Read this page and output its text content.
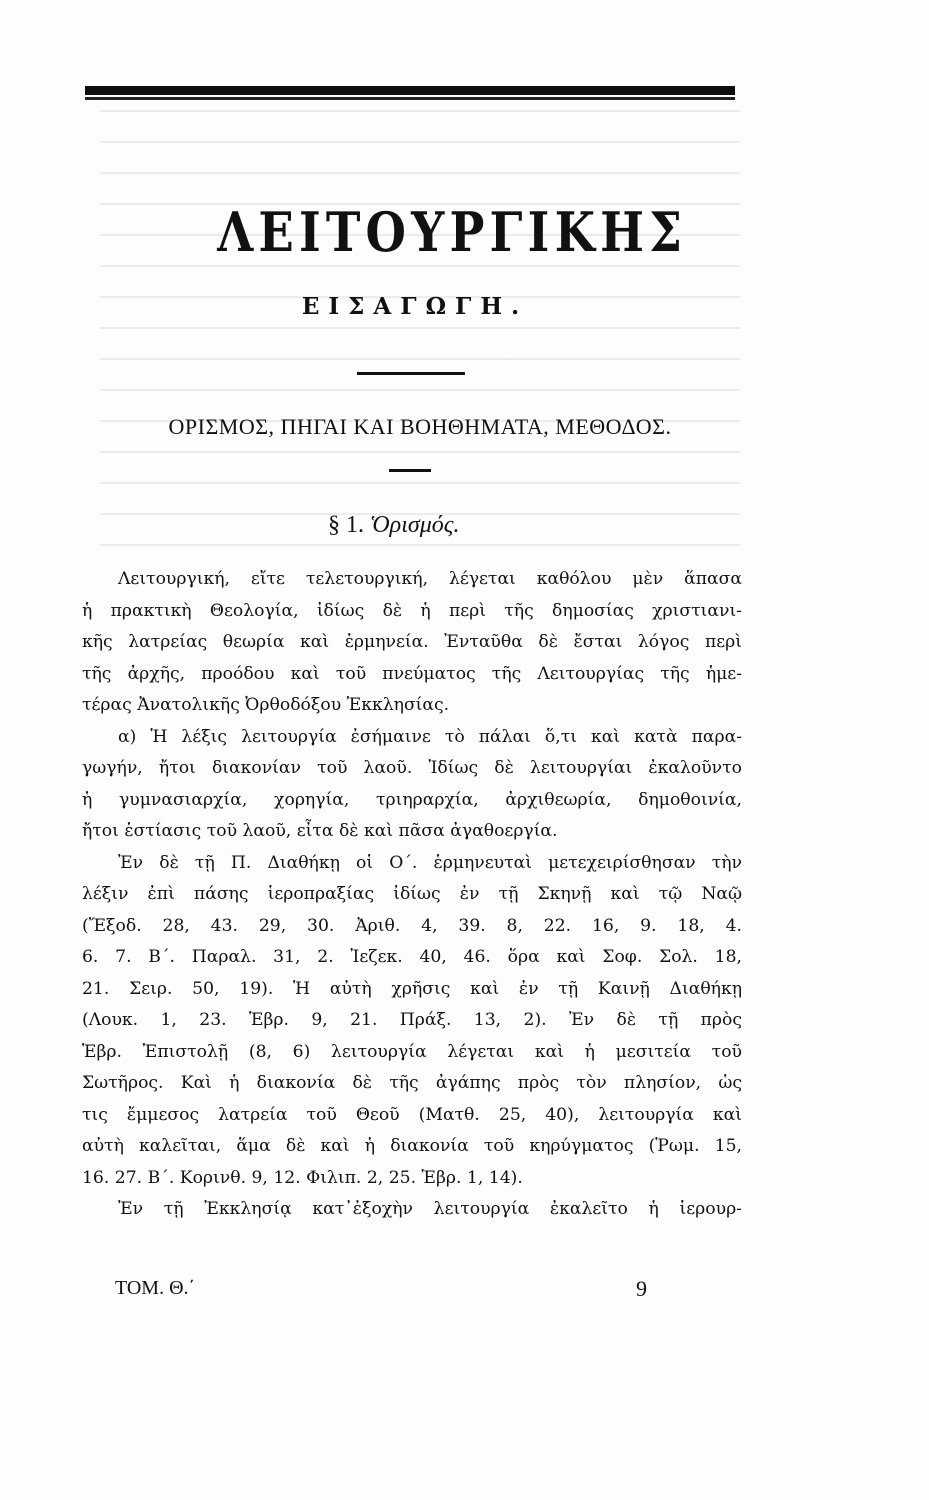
ΛΕΙΤΟΥΡΓΙΚΗΣ
ΕΙΣΑΓΩΓΗ.
ΟΡΙΣΜΟΣ, ΠΗΓΑΙ ΚΑΙ ΒΟΗΘΗΜΑΤΑ, ΜΕΘΟΔΟΣ.
§ 1. Ὁρισμός.
Λειτουργική, εἴτε τελετουργική, λέγεται καθόλου μὲν ἅπασα
ἡ πρακτικὴ Θεολογία, ἰδίως δὲ ἡ περὶ τῆς δημοσίας χριστιανι-
κῆς λατρείας θεωρία καὶ ἑρμηνεία. Ἐνταῦθα δὲ ἔσται λόγος περὶ
τῆς ἀρχῆς, προόδου καὶ τοῦ πνεύματος τῆς Λειτουργίας τῆς ἡμε-
τέρας Ἀνατολικῆς Ὀρθοδόξου Ἐκκλησίας.
α) Ἡ λέξις λειτουργία ἐσήμαινε τὸ πάλαι ὅ,τι καὶ κατὰ παρα-
γωγήν, ἤτοι διακονίαν τοῦ λαοῦ. Ἰδίως δὲ λειτουργίαι ἐκαλοῦντο
ἡ γυμνασιαρχία, χορηγία, τριηραρχία, ἀρχιθεωρία, δημοθοινία,
ἤτοι ἑστίασις τοῦ λαοῦ, εἶτα δὲ καὶ πᾶσα ἀγαθοεργία.
Ἐν δὲ τῇ Π. Διαθήκῃ οἱ Ο΄. ἑρμηνευταὶ μετεχειρίσθησαν τὴν
λέξιν ἐπὶ πάσης ἱεροπραξίας ἰδίως ἐν τῇ Σκηνῇ καὶ τῷ Ναῷ
(Ἔξοδ. 28, 43. 29, 30. Ἀριθ. 4, 39. 8, 22. 16, 9. 18, 4.
6. 7. Β΄. Παραλ. 31, 2. Ἰεζεκ. 40, 46. ὅρα καὶ Σοφ. Σολ. 18,
21. Σειρ. 50, 19). Ἡ αὐτὴ χρῆσις καὶ ἐν τῇ Καινῇ Διαθήκῃ
(Λουκ. 1, 23. Ἑβρ. 9, 21. Πράξ. 13, 2). Ἐν δὲ τῇ πρὸς
Ἑβρ. Ἐπιστολῇ (8, 6) λειτουργία λέγεται καὶ ἡ μεσιτεία τοῦ
Σωτῆρος. Καὶ ἡ διακονία δὲ τῆς ἀγάπης πρὸς τὸν πλησίον, ὡς
τις ἔμμεσος λατρεία τοῦ Θεοῦ (Ματθ. 25, 40), λειτουργία καὶ
αὐτὴ καλεῖται, ἅμα δὲ καὶ ἡ διακονία τοῦ κηρύγματος (Ῥωμ. 15,
16. 27. Β΄. Κορινθ. 9, 12. Φιλιπ. 2, 25. Ἑβρ. 1, 14).
Ἐν τῇ Ἐκκλησίᾳ κατ᾽ἐξοχὴν λειτουργία ἐκαλεῖτο ἡ ἱερουρ-
ΤΟΜ. Θ.΄	9
